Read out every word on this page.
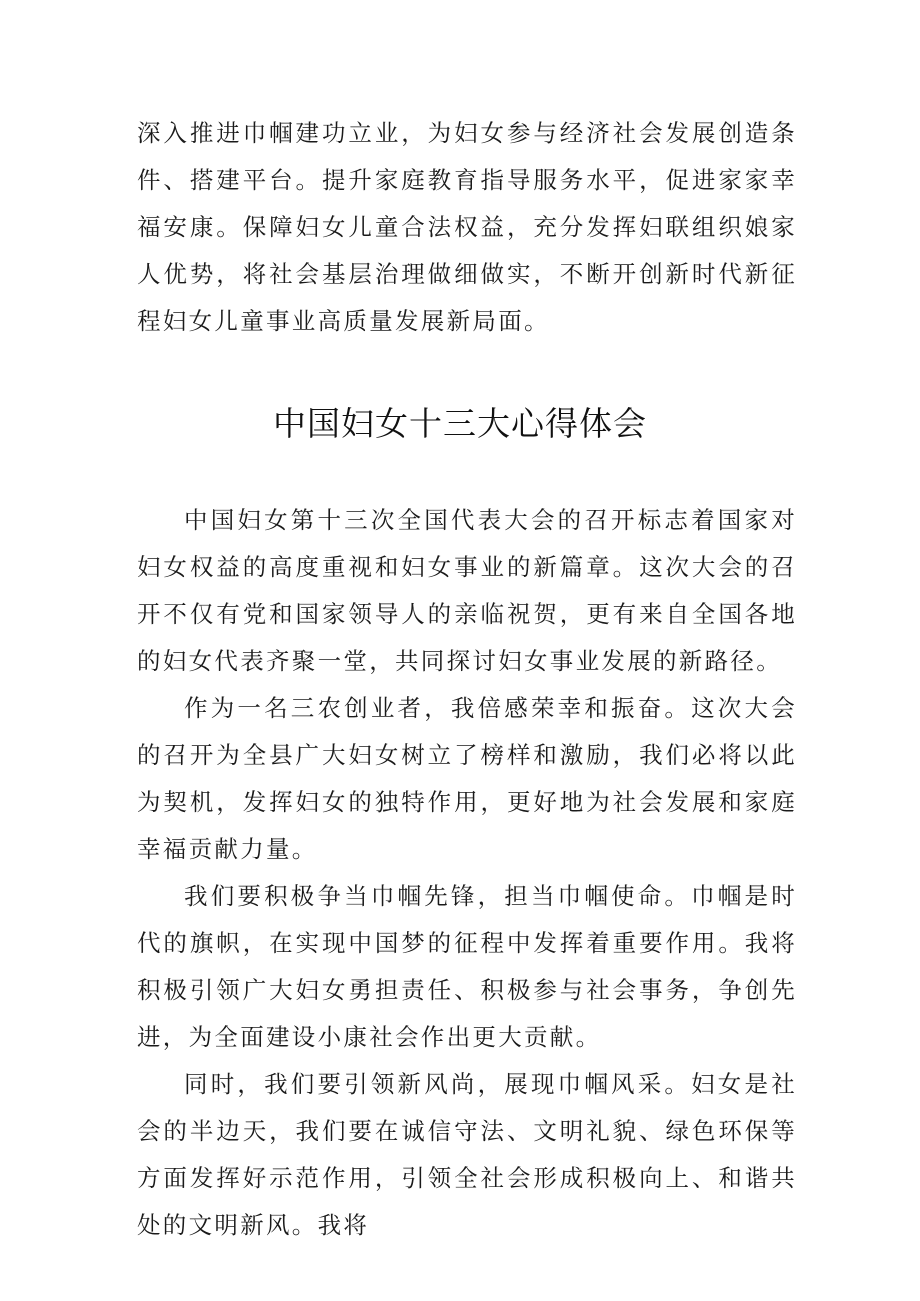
深入推进巾帼建功立业，为妇女参与经济社会发展创造条件、搭建平台。提升家庭教育指导服务水平，促进家家幸福安康。保障妇女儿童合法权益，充分发挥妇联组织娘家人优势，将社会基层治理做细做实，不断开创新时代新征程妇女儿童事业高质量发展新局面。

中国妇女十三大心得体会

中国妇女第十三次全国代表大会的召开标志着国家对妇女权益的高度重视和妇女事业的新篇章。这次大会的召开不仅有党和国家领导人的亲临祝贺，更有来自全国各地的妇女代表齐聚一堂，共同探讨妇女事业发展的新路径。

作为一名三农创业者，我倍感荣幸和振奋。这次大会的召开为全县广大妇女树立了榜样和激励，我们必将以此为契机，发挥妇女的独特作用，更好地为社会发展和家庭幸福贡献力量。

我们要积极争当巾帼先锋，担当巾帼使命。巾帼是时代的旗帜，在实现中国梦的征程中发挥着重要作用。我将积极引领广大妇女勇担责任、积极参与社会事务，争创先进，为全面建设小康社会作出更大贡献。

同时，我们要引领新风尚，展现巾帼风采。妇女是社会的半边天，我们要在诚信守法、文明礼貌、绿色环保等方面发挥好示范作用，引领全社会形成积极向上、和谐共处的文明新风。我将
